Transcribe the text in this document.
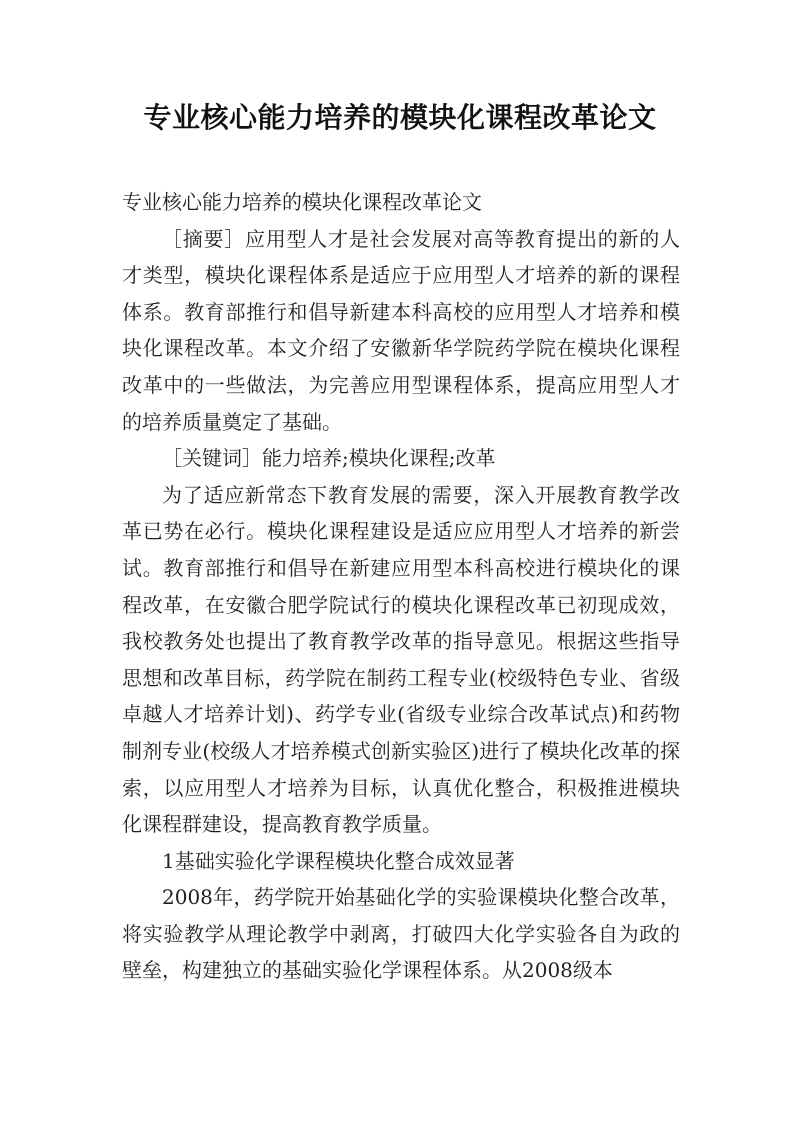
专业核心能力培养的模块化课程改革论文

专业核心能力培养的模块化课程改革论文

［摘要］应用型人才是社会发展对高等教育提出的新的人才类型，模块化课程体系是适应于应用型人才培养的新的课程体系。教育部推行和倡导新建本科高校的应用型人才培养和模块化课程改革。本文介绍了安徽新华学院药学院在模块化课程改革中的一些做法，为完善应用型课程体系，提高应用型人才的培养质量奠定了基础。

［关键词］能力培养;模块化课程;改革

为了适应新常态下教育发展的需要，深入开展教育教学改革已势在必行。模块化课程建设是适应应用型人才培养的新尝试。教育部推行和倡导在新建应用型本科高校进行模块化的课程改革，在安徽合肥学院试行的模块化课程改革已初现成效，我校教务处也提出了教育教学改革的指导意见。根据这些指导思想和改革目标，药学院在制药工程专业(校级特色专业、省级卓越人才培养计划)、药学专业(省级专业综合改革试点)和药物制剂专业(校级人才培养模式创新实验区)进行了模块化改革的探索，以应用型人才培养为目标，认真优化整合，积极推进模块化课程群建设，提高教育教学质量。

1基础实验化学课程模块化整合成效显著

2008年，药学院开始基础化学的实验课模块化整合改革，将实验教学从理论教学中剥离，打破四大化学实验各自为政的壁垒，构建独立的基础实验化学课程体系。从2008级本
